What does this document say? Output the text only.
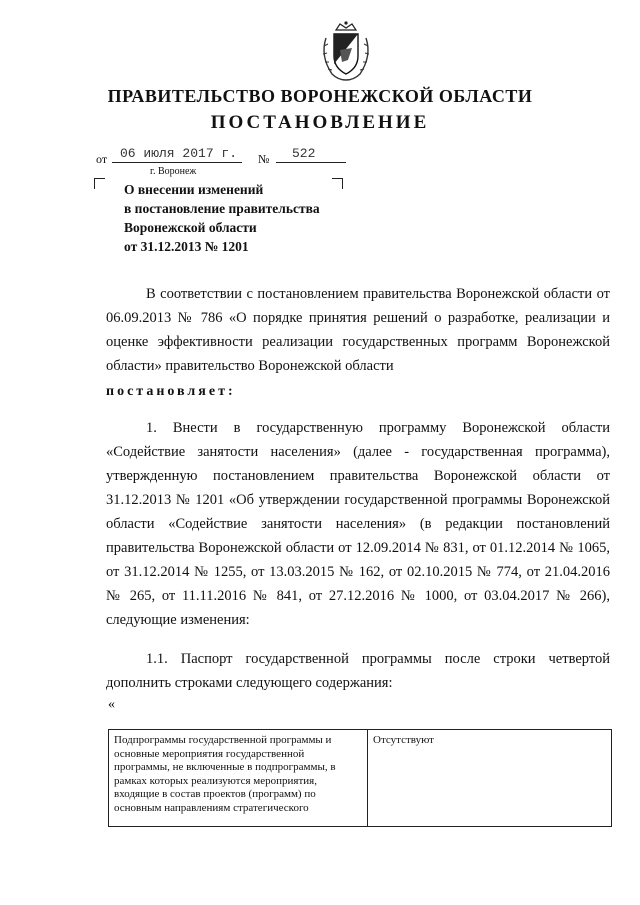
ПРАВИТЕЛЬСТВО ВОРОНЕЖСКОЙ ОБЛАСТИ
ПОСТАНОВЛЕНИЕ
от 06 июля 2017 г. № 522
г. Воронеж
О внесении изменений
в постановление правительства
Воронежской области
от 31.12.2013 № 1201
В соответствии с постановлением правительства Воронежской области от 06.09.2013 № 786 «О порядке принятия решений о разработке, реализации и оценке эффективности реализации государственных программ Воронежской области» правительство Воронежской области
постановляет:
1. Внести в государственную программу Воронежской области «Содействие занятости населения» (далее - государственная программа), утвержденную постановлением правительства Воронежской области от 31.12.2013 № 1201 «Об утверждении государственной программы Воронежской области «Содействие занятости населения» (в редакции постановлений правительства Воронежской области от 12.09.2014 № 831, от 01.12.2014 № 1065, от 31.12.2014 № 1255, от 13.03.2015 № 162, от 02.10.2015 № 774, от 21.04.2016 № 265, от 11.11.2016 № 841, от 27.12.2016 № 1000, от 03.04.2017 № 266), следующие изменения:
1.1. Паспорт государственной программы после строки четвертой дополнить строками следующего содержания:
«
Подпрограммы государственной программы и основные мероприятия государственной программы, не включенные в подпрограммы, в рамках которых реализуются мероприятия, входящие в состав проектов (программ) по основным направлениям стратегического	Отсутствуют
